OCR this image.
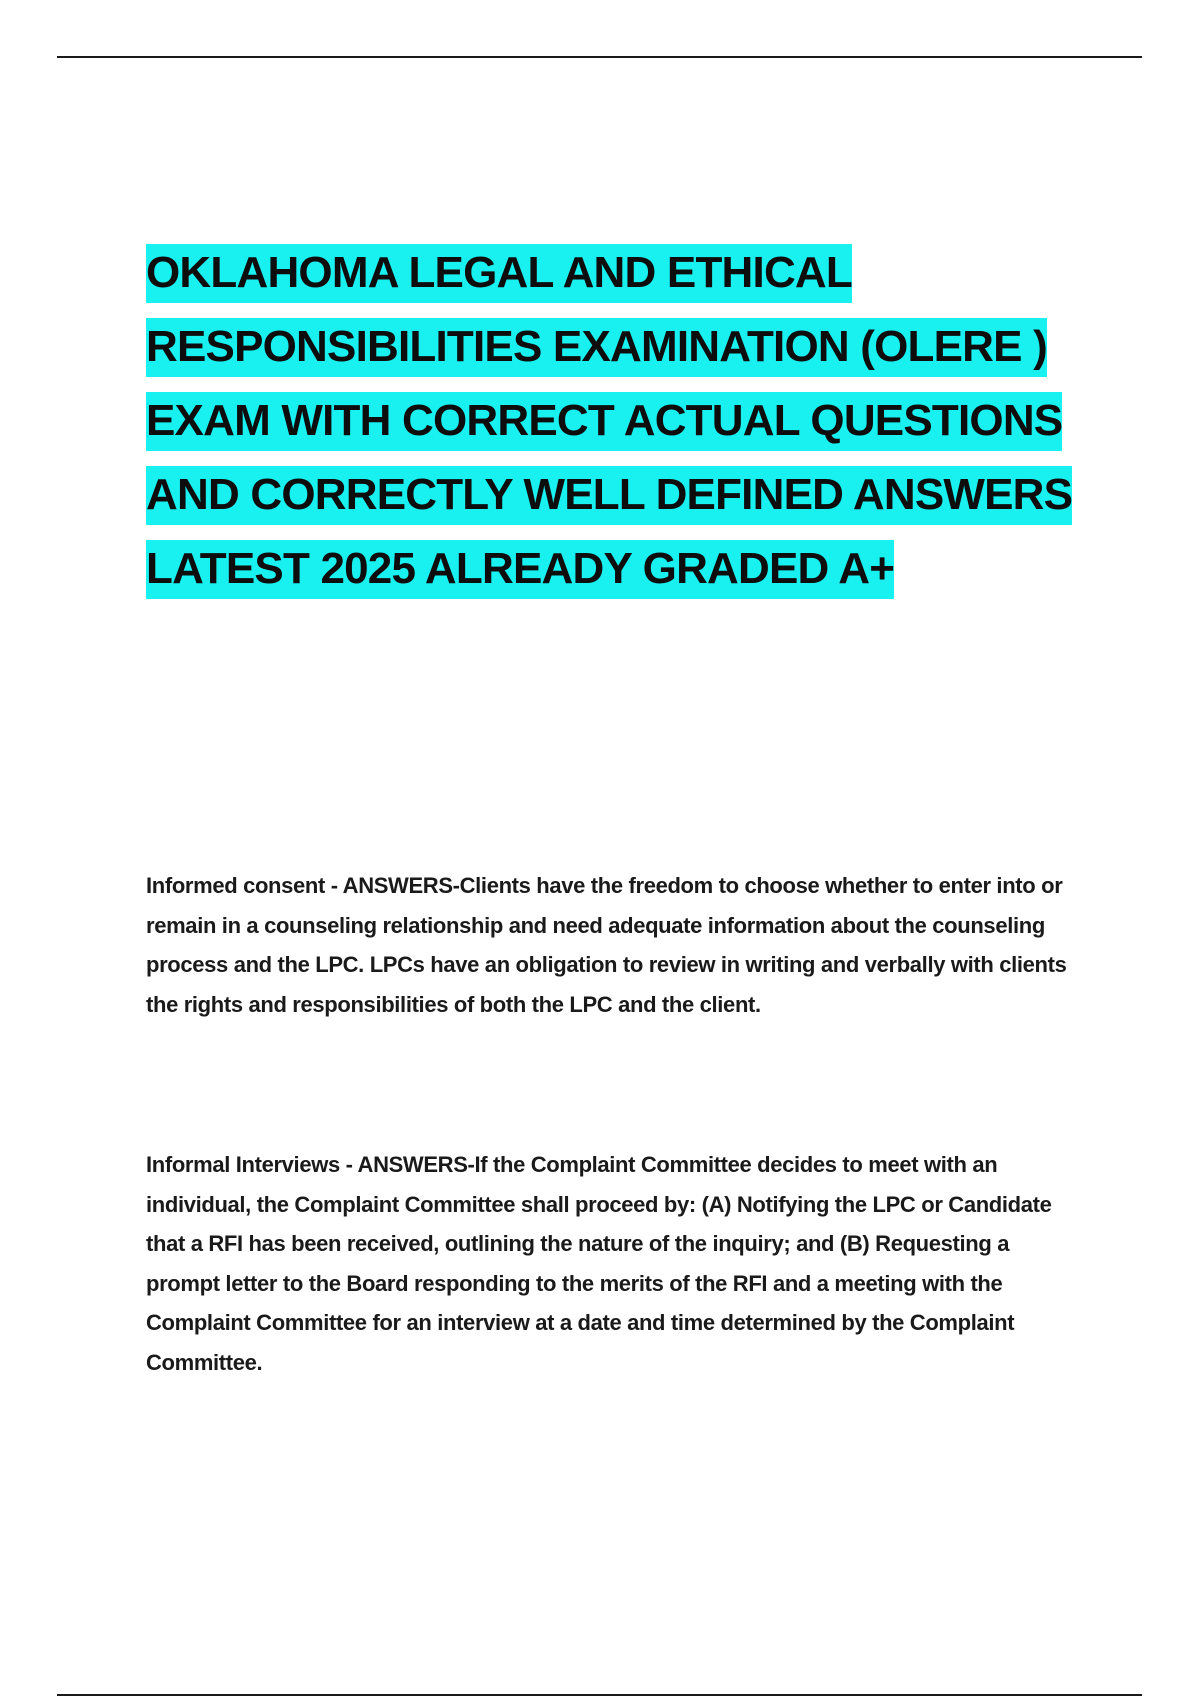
OKLAHOMA LEGAL AND ETHICAL RESPONSIBILITIES EXAMINATION (OLERE ) EXAM WITH CORRECT ACTUAL QUESTIONS AND CORRECTLY WELL DEFINED ANSWERS LATEST 2025 ALREADY GRADED A+

Informed consent - ANSWERS-Clients have the freedom to choose whether to enter into or remain in a counseling relationship and need adequate information about the counseling process and the LPC. LPCs have an obligation to review in writing and verbally with clients the rights and responsibilities of both the LPC and the client.

Informal Interviews - ANSWERS-If the Complaint Committee decides to meet with an individual, the Complaint Committee shall proceed by: (A) Notifying the LPC or Candidate that a RFI has been received, outlining the nature of the inquiry; and (B) Requesting a prompt letter to the Board responding to the merits of the RFI and a meeting with the Complaint Committee for an interview at a date and time determined by the Complaint Committee.
